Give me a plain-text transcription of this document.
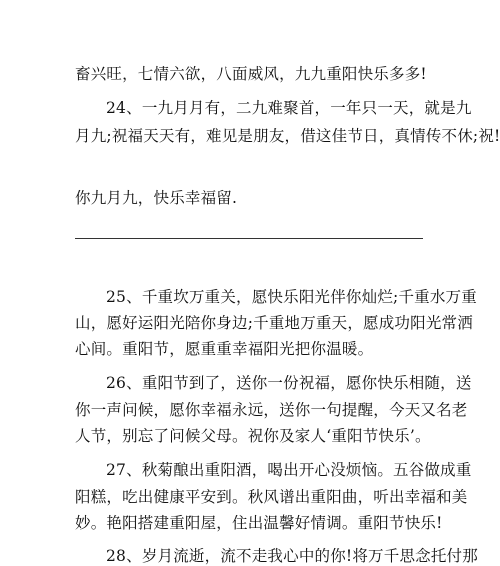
畜兴旺，七情六欲，八面威风，九九重阳快乐多多!
24、一九月月有，二九难聚首，一年只一天，就是九
月九;祝福天天有，难见是朋友，借这佳节日，真情传不休;祝!
你九月九，快乐幸福留.
25、千重坎万重关，愿快乐阳光伴你灿烂;千重水万重
山，愿好运阳光陪你身边;千重地万重天，愿成功阳光常洒
心间。重阳节，愿重重幸福阳光把你温暖。
26、重阳节到了，送你一份祝福，愿你快乐相随，送
你一声问候，愿你幸福永远，送你一句提醒，今天又名老
人节，别忘了问候父母。祝你及家人‘重阳节快乐’。
27、秋菊酿出重阳酒，喝出开心没烦恼。五谷做成重
阳糕，吃出健康平安到。秋风谱出重阳曲，听出幸福和美
妙。艳阳搭建重阳屋，住出温馨好情调。重阳节快乐!
28、岁月流逝，流不走我心中的你!将万千思念托付那
